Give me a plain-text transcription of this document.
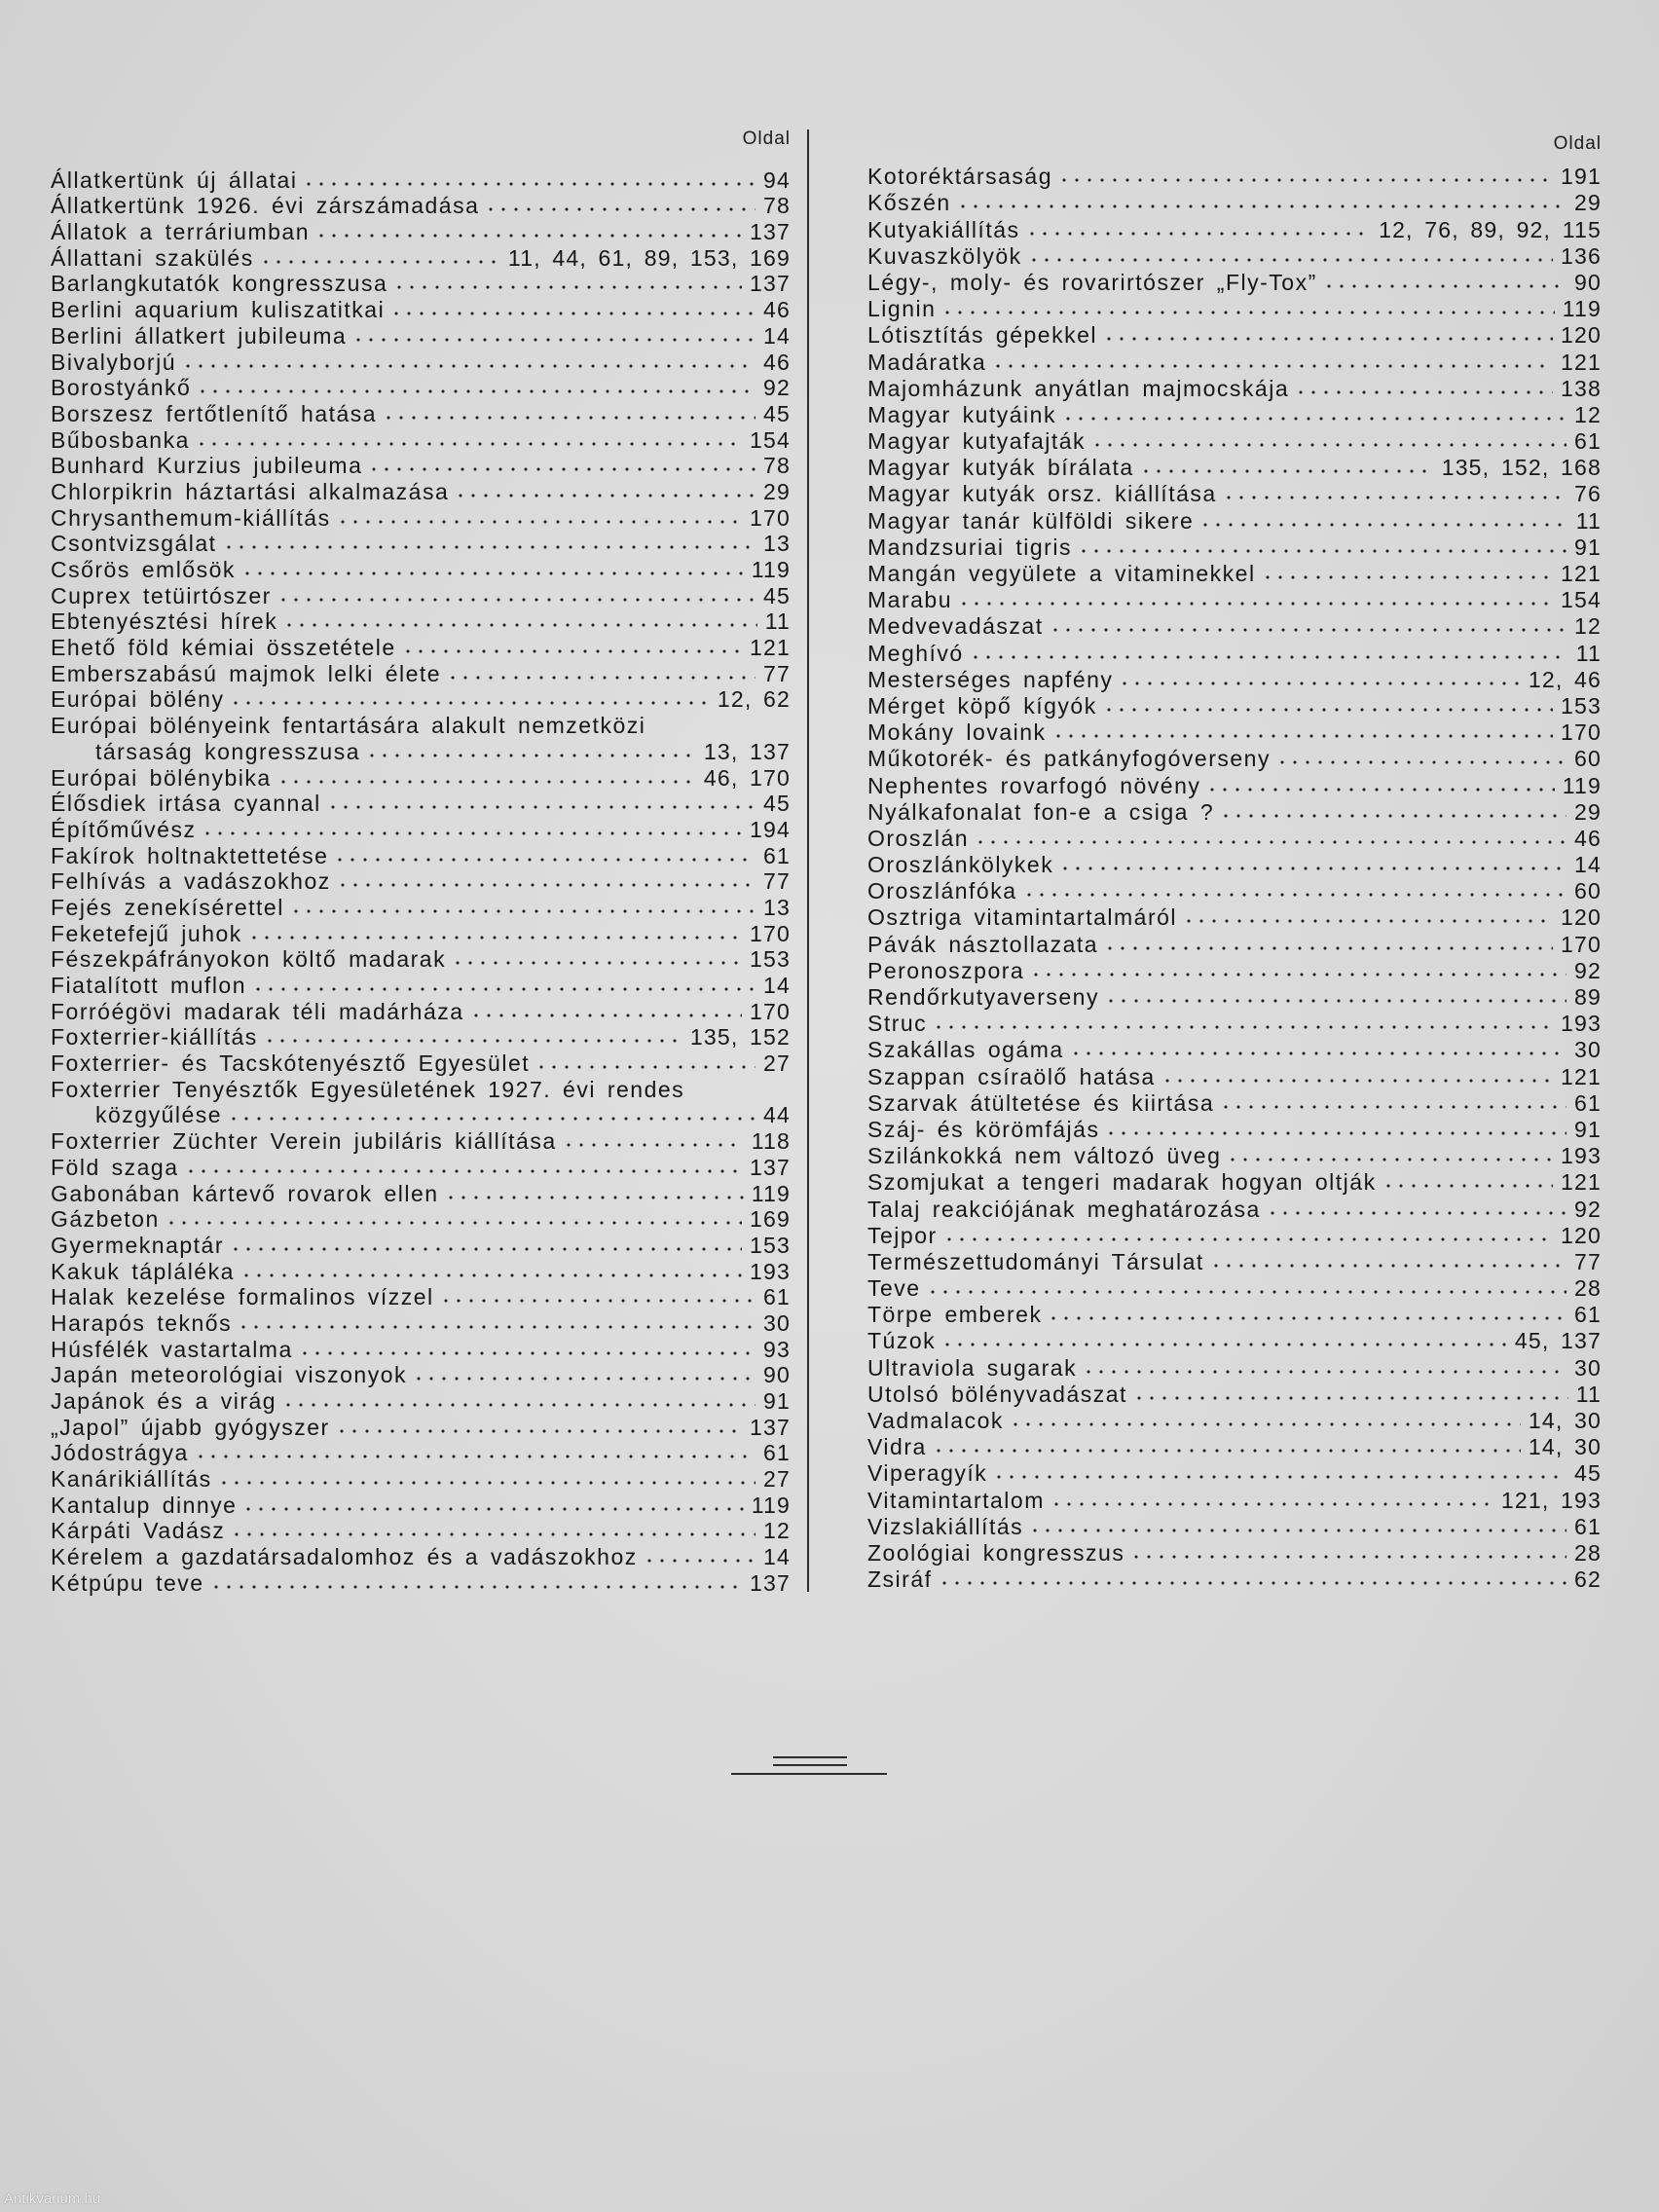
Oldal	Oldal
Állatkertünk új állatai	94
Állatkertünk 1926. évi zárszámadása	78
Állatok a terráriumban	137
Állattani szakülés	11, 44, 61, 89, 153, 169
Barlangkutatók kongresszusa	137
Berlini aquarium kuliszatitkai	46
Berlini állatkert jubileuma	14
Bivalyborjú	46
Borostyánkő	92
Borszesz fertőtlenítő hatása	45
Bűbosbanka	154
Bunhard Kurzius jubileuma	78
Chlorpikrin háztartási alkalmazása	29
Chrysanthemum-kiállítás	170
Csontvizsgálat	13
Csőrös emlősök	119
Cuprex tetüirtószer	45
Ebtenyésztési hírek	11
Ehető föld kémiai összetétele	121
Emberszabású majmok lelki élete	77
Európai bölény	12, 62
Európai bölényeink fentartására alakult nemzetközi
társaság kongresszusa	13, 137
Európai bölénybika	46, 170
Élősdiek irtása cyannal	45
Építőművész	194
Fakírok holtnaktettetése	61
Felhívás a vadászokhoz	77
Fejés zenekísérettel	13
Feketefejű juhok	170
Fészekpáfrányokon költő madarak	153
Fiatalított muflon	14
Forróégövi madarak téli madárháza	170
Foxterrier-kiállítás	135, 152
Foxterrier- és Tacskótenyésztő Egyesület	27
Foxterrier Tenyésztők Egyesületének 1927. évi rendes
közgyűlése	44
Foxterrier Züchter Verein jubiláris kiállítása	118
Föld szaga	137
Gabonában kártevő rovarok ellen	119
Gázbeton	169
Gyermeknaptár	153
Kakuk tápláléka	193
Halak kezelése formalinos vízzel	61
Harapós teknős	30
Húsfélék vastartalma	93
Japán meteorológiai viszonyok	90
Japánok és a virág	91
„Japol” újabb gyógyszer	137
Jódostrágya	61
Kanárikiállítás	27
Kantalup dinnye	119
Kárpáti Vadász	12
Kérelem a gazdatársadalomhoz és a vadászokhoz	14
Kétpúpu teve	137
Kotoréktársaság	191
Kőszén	29
Kutyakiállítás	12, 76, 89, 92, 115
Kuvaszkölyök	136
Légy-, moly- és rovarirtószer „Fly-Tox”	90
Lignin	119
Lótisztítás gépekkel	120
Madáratka	121
Majomházunk anyátlan majmocskája	138
Magyar kutyáink	12
Magyar kutyafajták	61
Magyar kutyák bírálata	135, 152, 168
Magyar kutyák orsz. kiállítása	76
Magyar tanár külföldi sikere	11
Mandzsuriai tigris	91
Mangán vegyülete a vitaminekkel	121
Marabu	154
Medvevadászat	12
Meghívó	11
Mesterséges napfény	12, 46
Mérget köpő kígyók	153
Mokány lovaink	170
Műkotorék- és patkányfogóverseny	60
Nephentes rovarfogó növény	119
Nyálkafonalat fon-e a csiga ?	29
Oroszlán	46
Oroszlánkölykek	14
Oroszlánfóka	60
Osztriga vitamintartalmáról	120
Pávák násztollazata	170
Peronoszpora	92
Rendőrkutyaverseny	89
Struc	193
Szakállas ogáma	30
Szappan csíraölő hatása	121
Szarvak átültetése és kiirtása	61
Száj- és körömfájás	91
Szilánkokká nem változó üveg	193
Szomjukat a tengeri madarak hogyan oltják	121
Talaj reakciójának meghatározása	92
Tejpor	120
Természettudományi Társulat	77
Teve	28
Törpe emberek	61
Túzok	45, 137
Ultraviola sugarak	30
Utolsó bölényvadászat	11
Vadmalacok	14, 30
Vidra	14, 30
Viperagyík	45
Vitamintartalom	121, 193
Vizslakiállítás	61
Zoológiai kongresszus	28
Zsiráf	62
Antikvárium.hu
